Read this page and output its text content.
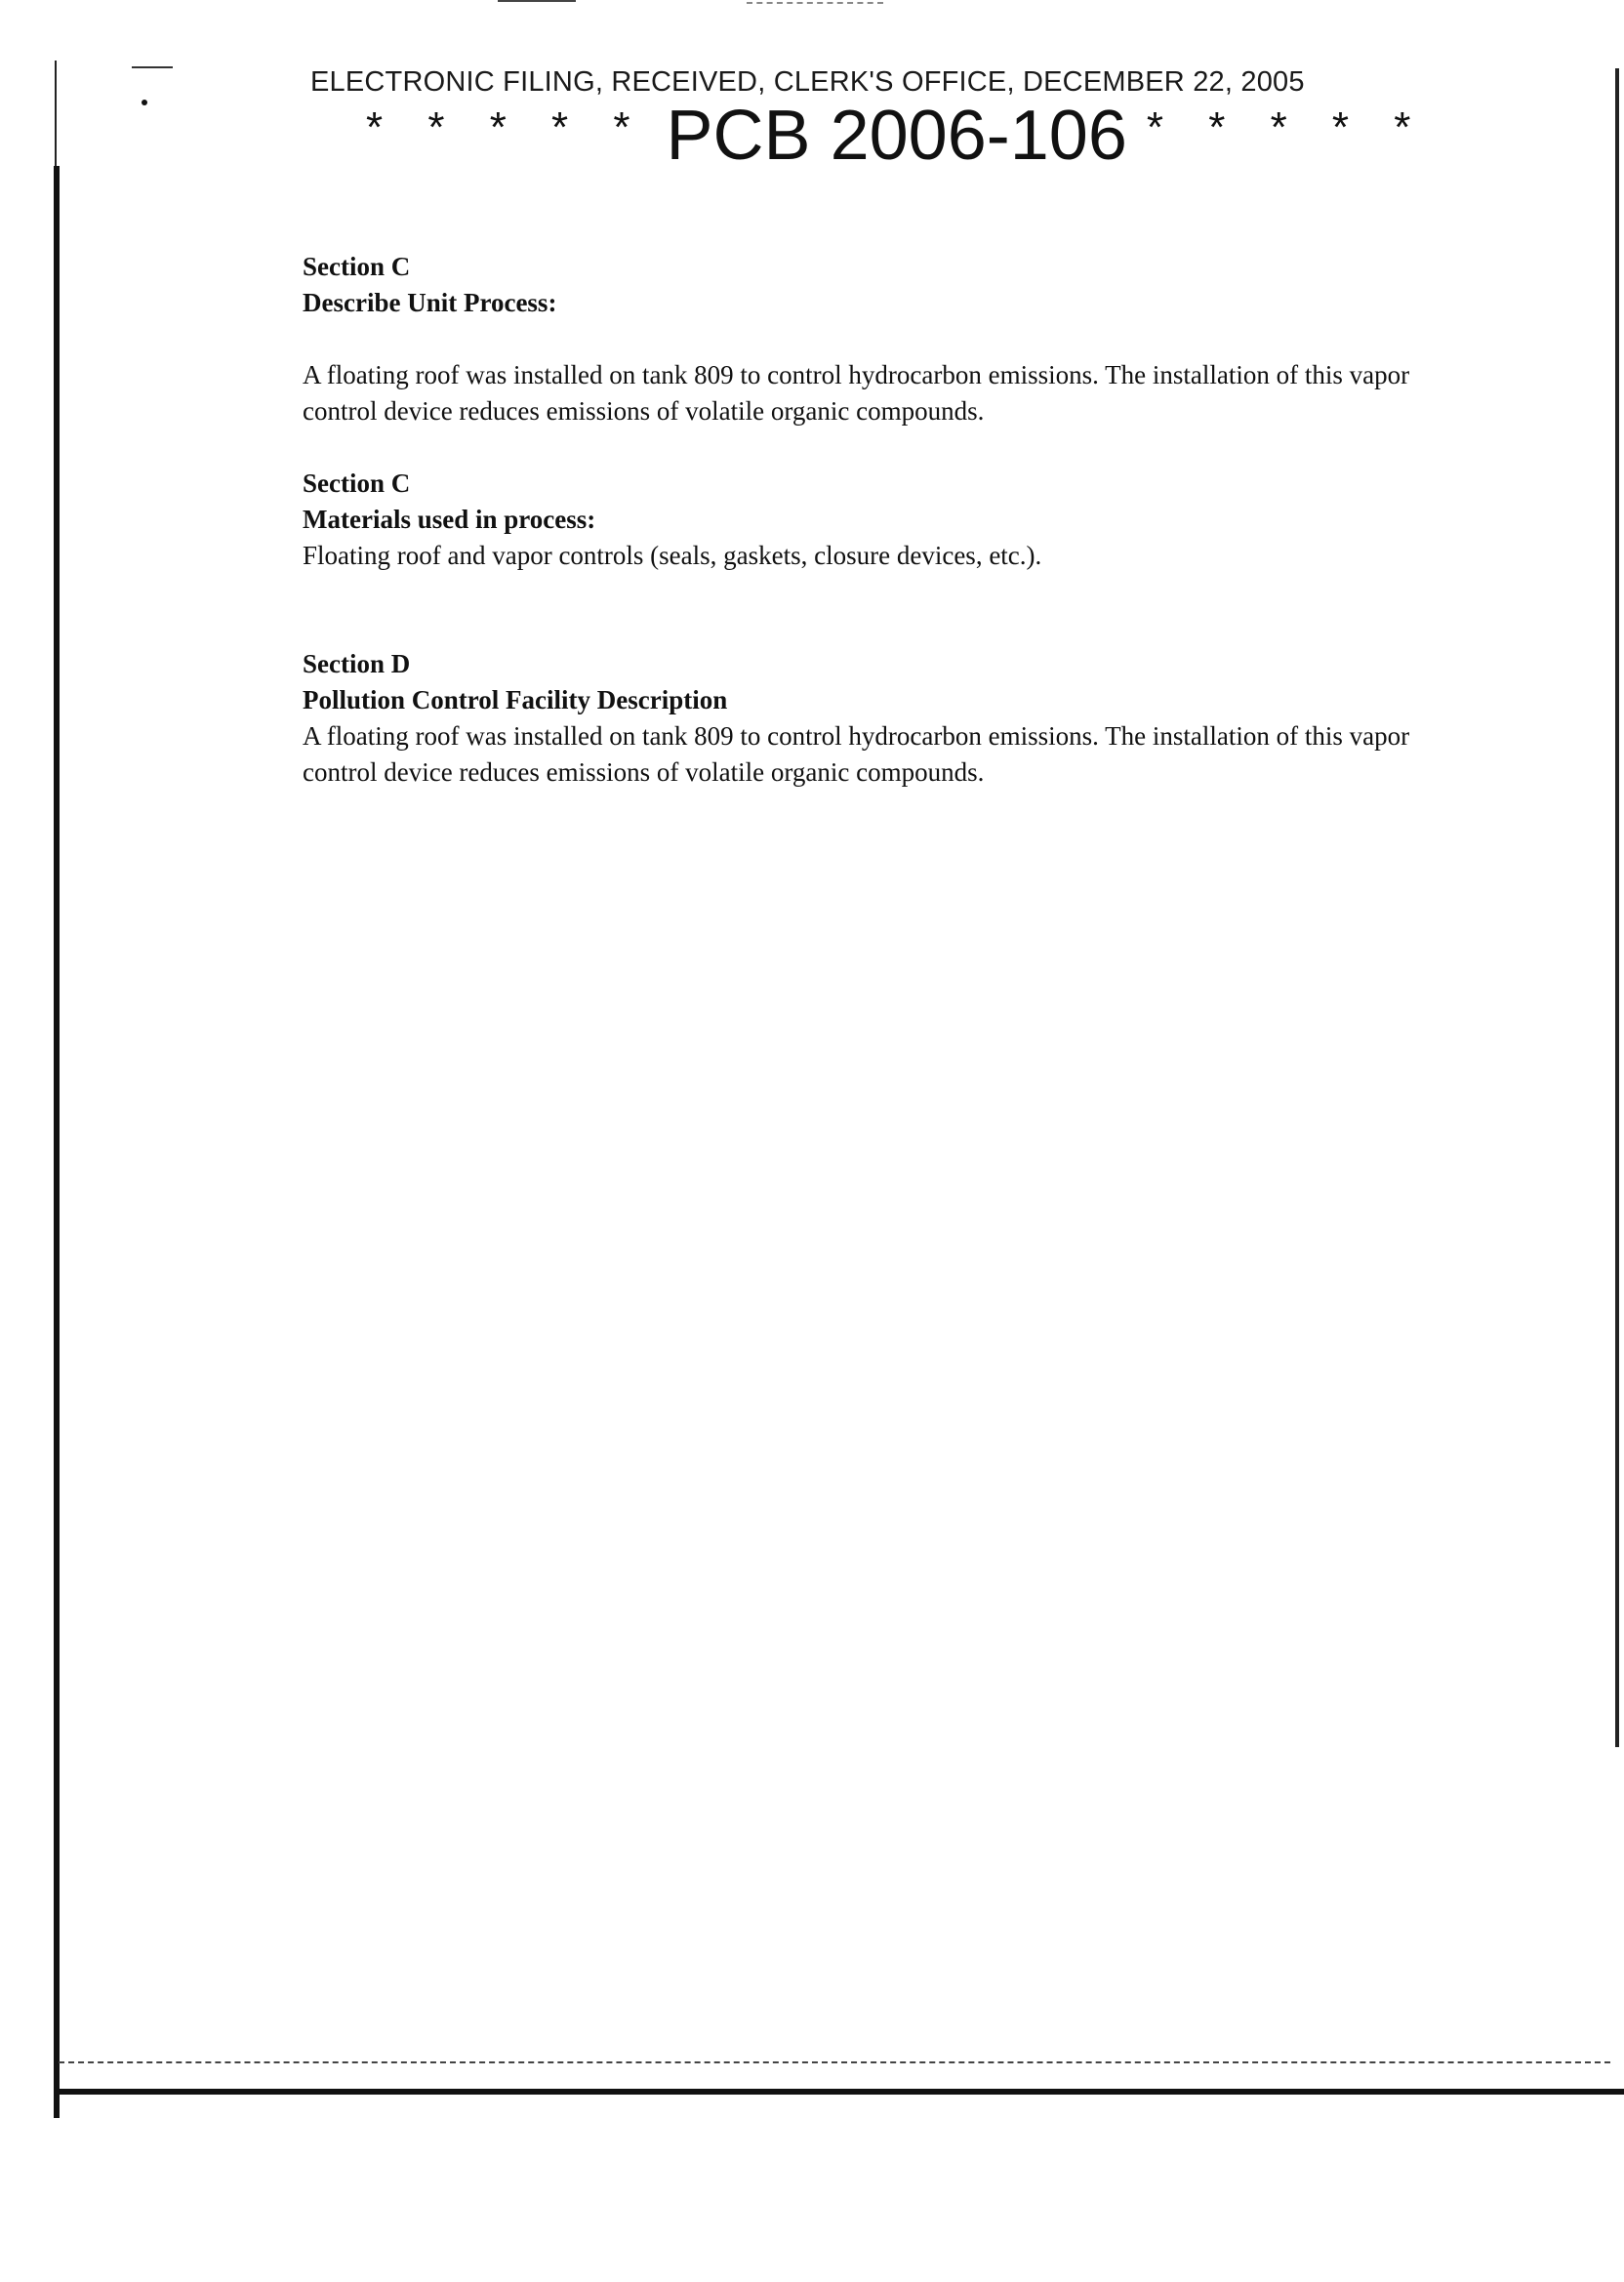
ELECTRONIC FILING, RECEIVED, CLERK'S OFFICE, DECEMBER 22, 2005
* * * * * PCB 2006-106 * * * * *

Section C

Describe Unit Process:

A floating roof was installed on tank 809 to control hydrocarbon emissions. The installation of this vapor control device reduces emissions of volatile organic compounds.

Section C

Materials used in process:

Floating roof and vapor controls (seals, gaskets, closure devices, etc.).

Section D

Pollution Control Facility Description

A floating roof was installed on tank 809 to control hydrocarbon emissions. The installation of this vapor control device reduces emissions of volatile organic compounds.
